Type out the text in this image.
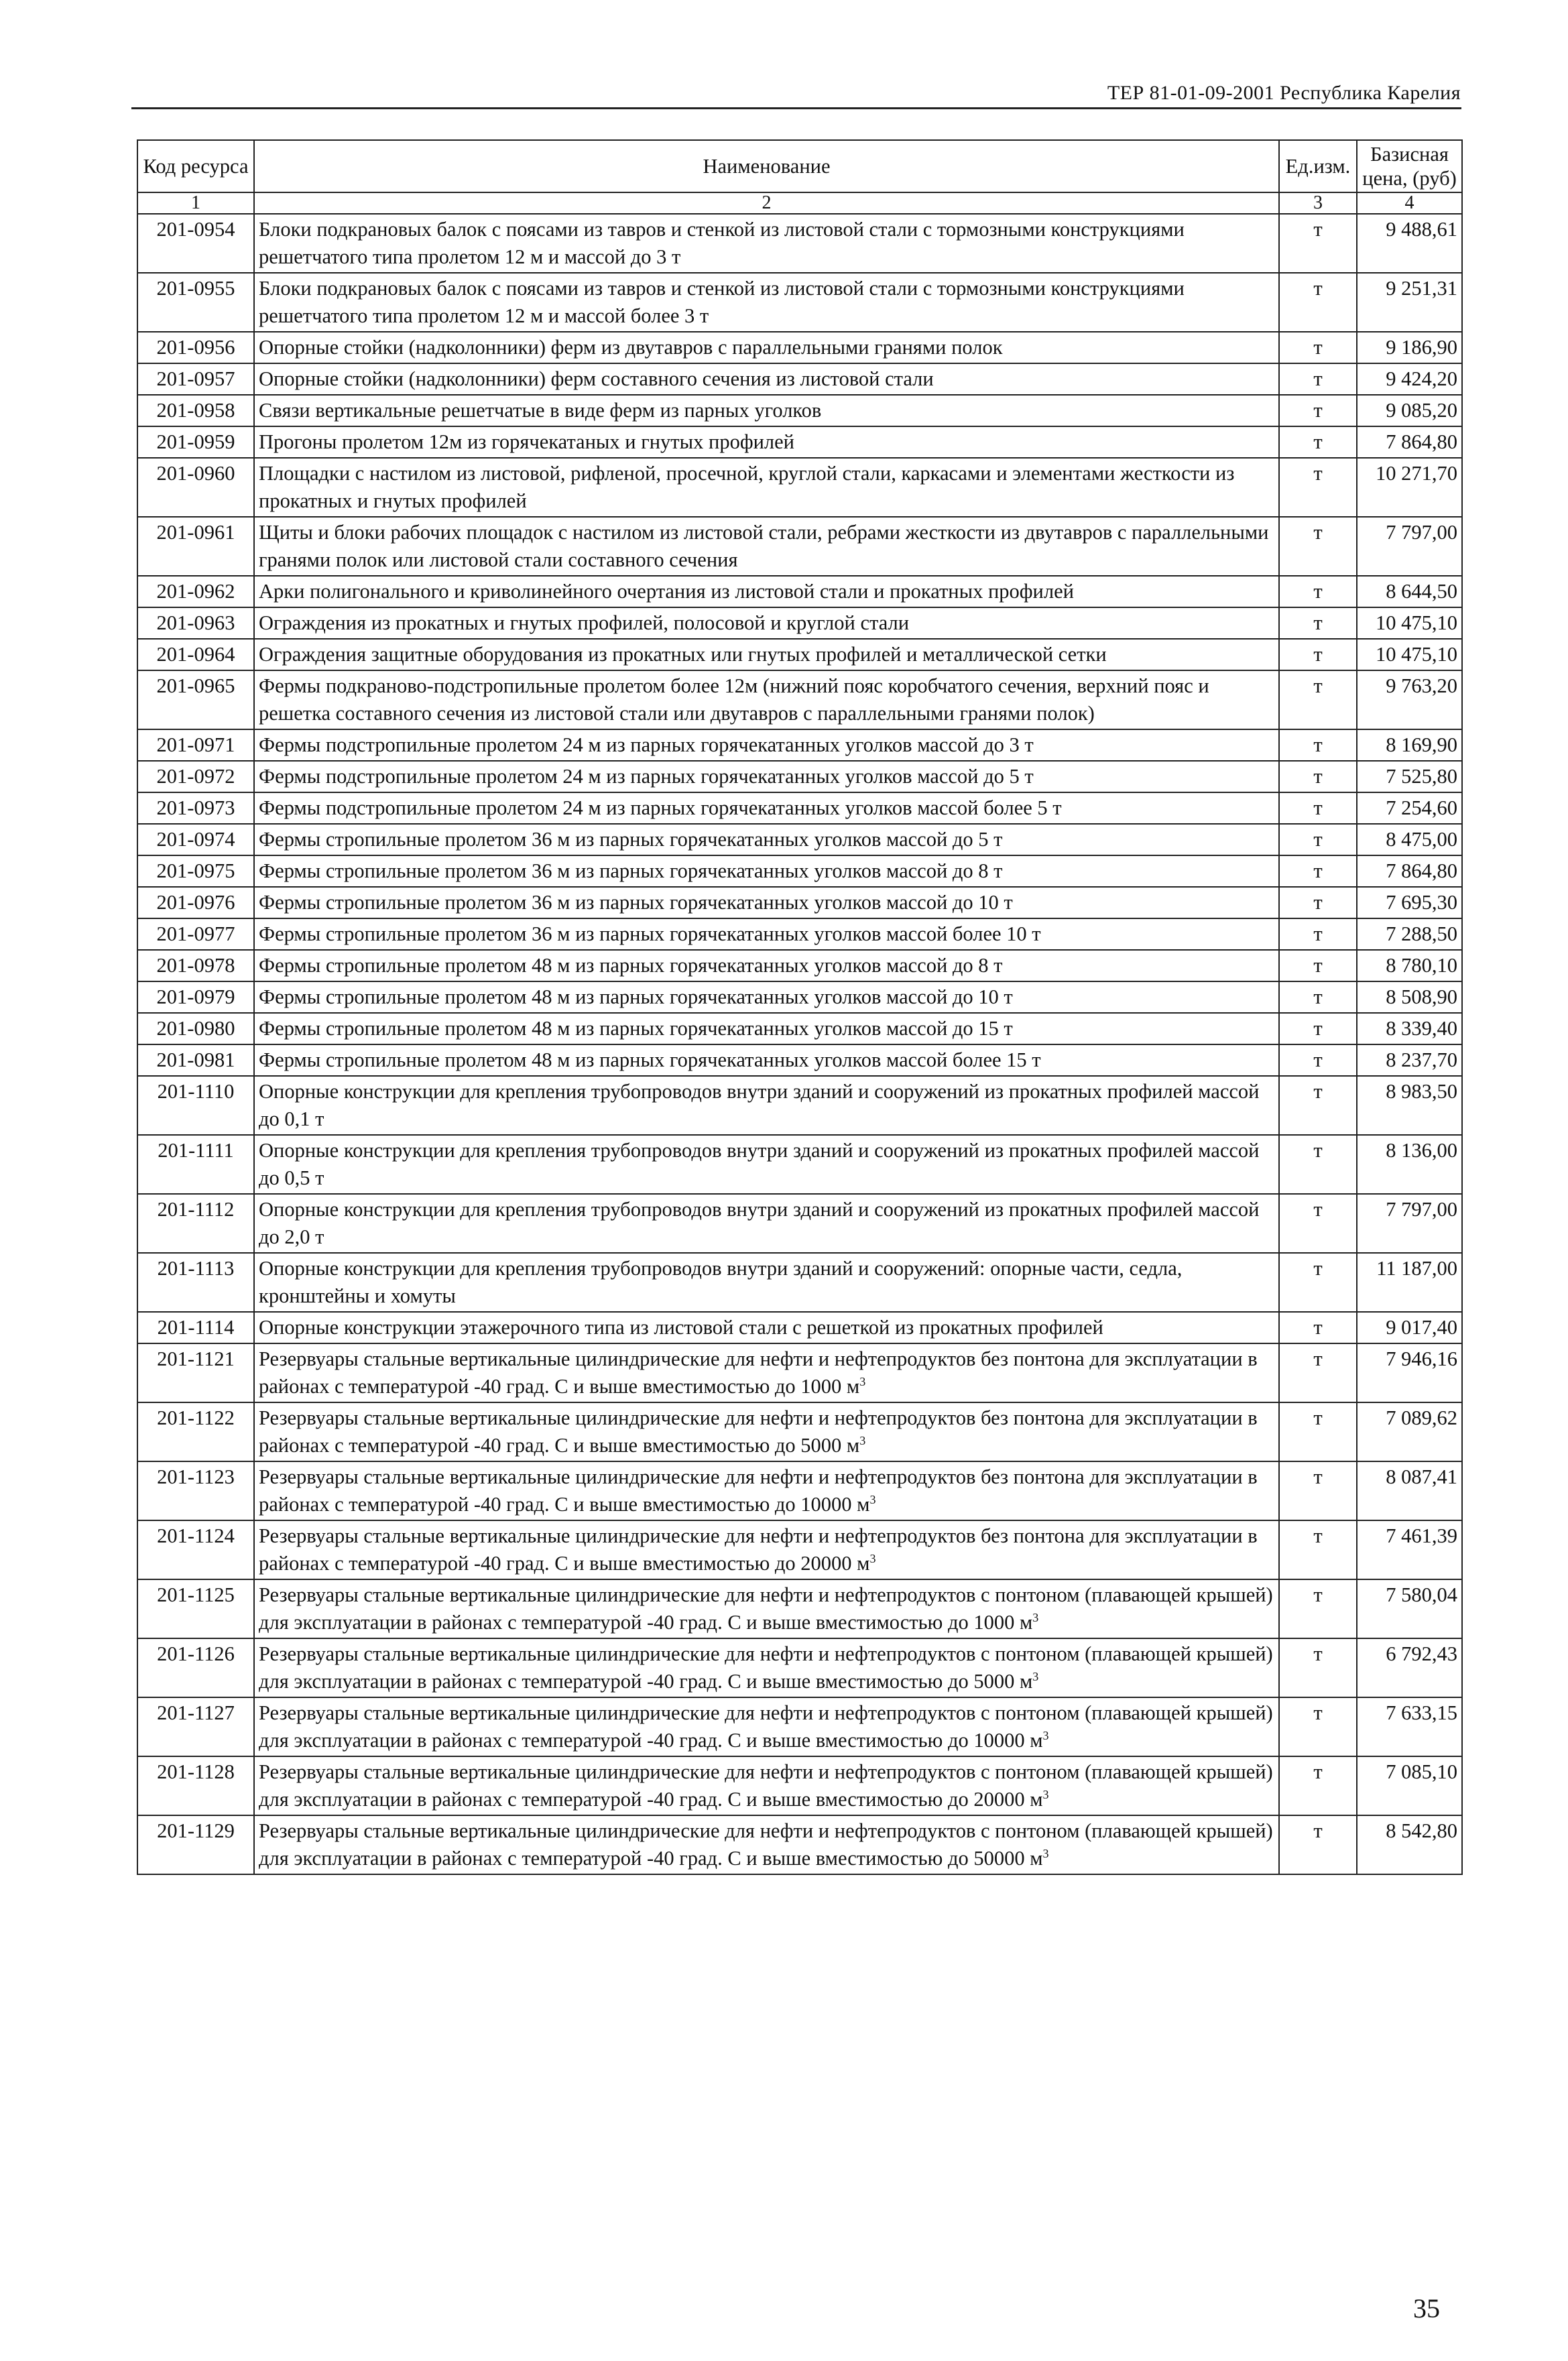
ТЕР 81-01-09-2001 Республика Карелия
Код ресурса	Наименование	Ед.изм.	Базисная цена, (руб)
1	2	3	4
201-0954	Блоки подкрановых балок с поясами из тавров и стенкой из листовой стали с тормозными конструкциями решетчатого типа пролетом 12 м и массой до 3 т	т	9 488,61
201-0955	Блоки подкрановых балок с поясами из тавров и стенкой из листовой стали с тормозными конструкциями решетчатого типа пролетом 12 м и массой более 3 т	т	9 251,31
201-0956	Опорные стойки (надколонники) ферм из двутавров с параллельными гранями полок	т	9 186,90
201-0957	Опорные стойки (надколонники) ферм составного сечения из листовой стали	т	9 424,20
201-0958	Связи вертикальные решетчатые в виде ферм из парных уголков	т	9 085,20
201-0959	Прогоны пролетом 12м из горячекатаных и гнутых профилей	т	7 864,80
201-0960	Площадки с настилом из листовой, рифленой, просечной, круглой стали, каркасами и элементами жесткости из прокатных и гнутых профилей	т	10 271,70
201-0961	Щиты и блоки рабочих площадок с настилом из листовой стали, ребрами жесткости из двутавров с параллельными гранями полок или листовой стали составного сечения	т	7 797,00
201-0962	Арки полигонального и криволинейного очертания из листовой стали и прокатных профилей	т	8 644,50
201-0963	Ограждения из прокатных и гнутых профилей, полосовой и круглой стали	т	10 475,10
201-0964	Ограждения защитные оборудования из прокатных или гнутых профилей и металлической сетки	т	10 475,10
201-0965	Фермы подкраново-подстропильные пролетом более 12м (нижний пояс коробчатого сечения, верхний пояс и решетка составного сечения из листовой стали или двутавров с параллельными гранями полок)	т	9 763,20
201-0971	Фермы подстропильные пролетом 24 м из парных горячекатанных уголков массой до 3 т	т	8 169,90
201-0972	Фермы подстропильные пролетом 24 м из парных горячекатанных уголков массой до 5 т	т	7 525,80
201-0973	Фермы подстропильные пролетом 24 м из парных горячекатанных уголков массой более 5 т	т	7 254,60
201-0974	Фермы стропильные пролетом 36 м из парных горячекатанных уголков массой до 5 т	т	8 475,00
201-0975	Фермы стропильные пролетом 36 м из парных горячекатанных уголков массой до 8 т	т	7 864,80
201-0976	Фермы стропильные пролетом 36 м из парных горячекатанных уголков массой до 10 т	т	7 695,30
201-0977	Фермы стропильные пролетом 36 м из парных горячекатанных уголков массой более 10 т	т	7 288,50
201-0978	Фермы стропильные пролетом 48 м из парных горячекатанных уголков массой до 8 т	т	8 780,10
201-0979	Фермы стропильные пролетом 48 м из парных горячекатанных уголков массой до 10 т	т	8 508,90
201-0980	Фермы стропильные пролетом 48 м из парных горячекатанных уголков массой до 15 т	т	8 339,40
201-0981	Фермы стропильные пролетом 48 м из парных горячекатанных уголков массой более 15 т	т	8 237,70
201-1110	Опорные конструкции для крепления трубопроводов внутри зданий и сооружений из прокатных профилей массой до 0,1 т	т	8 983,50
201-1111	Опорные конструкции для крепления трубопроводов внутри зданий и сооружений из прокатных профилей массой до 0,5 т	т	8 136,00
201-1112	Опорные конструкции для крепления трубопроводов внутри зданий и сооружений из прокатных профилей массой до 2,0 т	т	7 797,00
201-1113	Опорные конструкции для крепления трубопроводов внутри зданий и сооружений: опорные части, седла, кронштейны и хомуты	т	11 187,00
201-1114	Опорные конструкции этажерочного типа из листовой стали с решеткой из прокатных профилей	т	9 017,40
201-1121	Резервуары стальные вертикальные цилиндрические для нефти и нефтепродуктов без понтона для эксплуатации в районах с температурой -40 град. С и выше вместимостью до 1000 $м^3$	т	7 946,16
201-1122	Резервуары стальные вертикальные цилиндрические для нефти и нефтепродуктов без понтона для эксплуатации в районах с температурой -40 град. С и выше вместимостью до 5000 $м^3$	т	7 089,62
201-1123	Резервуары стальные вертикальные цилиндрические для нефти и нефтепродуктов без понтона для эксплуатации в районах с температурой -40 град. С и выше вместимостью до 10000 $м^3$	т	8 087,41
201-1124	Резервуары стальные вертикальные цилиндрические для нефти и нефтепродуктов без понтона для эксплуатации в районах с температурой -40 град. С и выше вместимостью до 20000 $м^3$	т	7 461,39
201-1125	Резервуары стальные вертикальные цилиндрические для нефти и нефтепродуктов с понтоном (плавающей крышей) для эксплуатации в районах с температурой -40 град. С и выше вместимостью до 1000 $м^3$	т	7 580,04
201-1126	Резервуары стальные вертикальные цилиндрические для нефти и нефтепродуктов с понтоном (плавающей крышей) для эксплуатации в районах с температурой -40 град. С и выше вместимостью до 5000 $м^3$	т	6 792,43
201-1127	Резервуары стальные вертикальные цилиндрические для нефти и нефтепродуктов с понтоном (плавающей крышей) для эксплуатации в районах с температурой -40 град. С и выше вместимостью до 10000 $м^3$	т	7 633,15
201-1128	Резервуары стальные вертикальные цилиндрические для нефти и нефтепродуктов с понтоном (плавающей крышей) для эксплуатации в районах с температурой -40 град. С и выше вместимостью до 20000 $м^3$	т	7 085,10
201-1129	Резервуары стальные вертикальные цилиндрические для нефти и нефтепродуктов с понтоном (плавающей крышей) для эксплуатации в районах с температурой -40 град. С и выше вместимостью до 50000 $м^3$	т	8 542,80
35
